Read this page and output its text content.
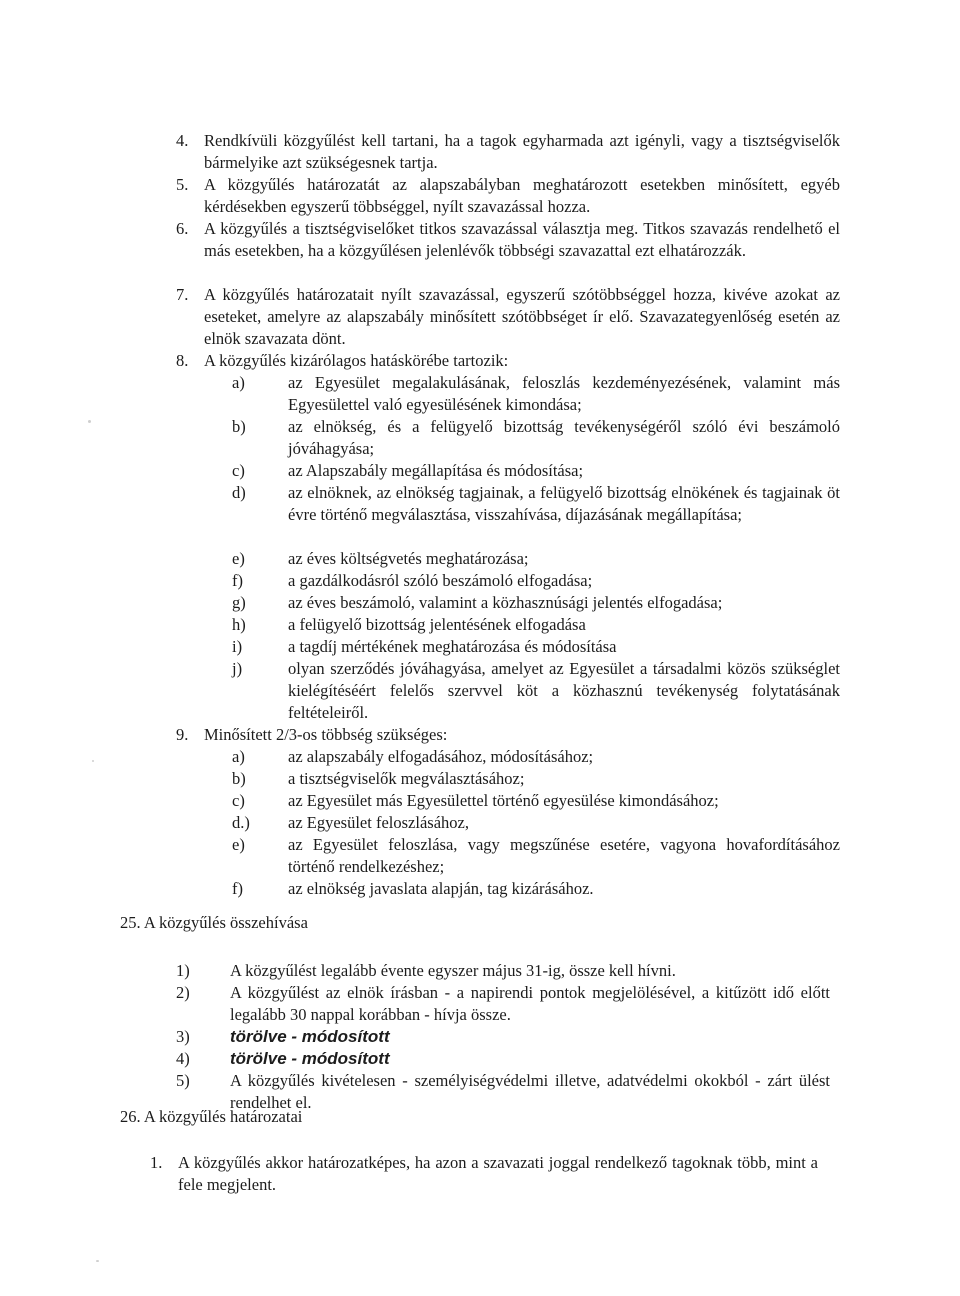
4. Rendkívüli közgyűlést kell tartani, ha a tagok egyharmada azt igényli, vagy a tisztségviselők bármelyike azt szükségesnek tartja.
5. A közgyűlés határozatát az alapszabályban meghatározott esetekben minősített, egyéb kérdésekben egyszerű többséggel, nyílt szavazással hozza.
6. A közgyűlés a tisztségviselőket titkos szavazással választja meg. Titkos szavazás rendelhető el más esetekben, ha a közgyűlésen jelenlévők többségi szavazattal ezt elhatározzák.
7. A közgyűlés határozatait nyílt szavazással, egyszerű szótöbbséggel hozza, kivéve azokat az eseteket, amelyre az alapszabály minősített szótöbbséget ír elő. Szavazategyenlőség esetén az elnök szavazata dönt.
8. A közgyűlés kizárólagos hatáskörébe tartozik:
a)	az Egyesület megalakulásának, feloszlás kezdeményezésének, valamint más Egyesülettel való egyesülésének kimondása;
b)	az elnökség, és a felügyelő bizottság tevékenységéről szóló évi beszámoló jóváhagyása;
c)	az Alapszabály megállapítása és módosítása;
d)	az elnöknek, az elnökség tagjainak, a felügyelő bizottság elnökének és tagjainak öt évre történő megválasztása, visszahívása, díjazásának megállapítása;
e)	az éves költségvetés meghatározása;
f)	a gazdálkodásról szóló beszámoló elfogadása;
g)	az éves beszámoló, valamint a közhasznúsági jelentés elfogadása;
h)	a felügyelő bizottság jelentésének elfogadása
i)	a tagdíj mértékének meghatározása és módosítása
j)	olyan szerződés jóváhagyása, amelyet az Egyesület a társadalmi közös szükséglet kielégítéséért felelős szervvel köt a közhasznú tevékenység folytatásának feltételeiről.
9. Minősített 2/3-os többség szükséges:
a)	az alapszabály elfogadásához, módosításához;
b)	a tisztségviselők megválasztásához;
c)	az Egyesület más Egyesülettel történő egyesülése kimondásához;
d.) az Egyesület feloszlásához,
e)	az Egyesület feloszlása, vagy megszűnése esetére, vagyona hovafordításához történő rendelkezéshez;
f)	az elnökség javaslata alapján, tag kizárásához.
25. A közgyűlés összehívása
1) A közgyűlést legalább évente egyszer május 31-ig, össze kell hívni.
2) A közgyűlést az elnök írásban - a napirendi pontok megjelölésével, a kitűzött idő előtt legalább 30 nappal korábban - hívja össze.
3) törölve - módosított
4) törölve - módosított
5) A közgyűlés kivételesen - személyiségvédelmi illetve, adatvédelmi okokból - zárt ülést rendelhet el.
26. A közgyűlés határozatai
1. A közgyűlés akkor határozatképes, ha azon a szavazati joggal rendelkező tagoknak több, mint a fele megjelent.
